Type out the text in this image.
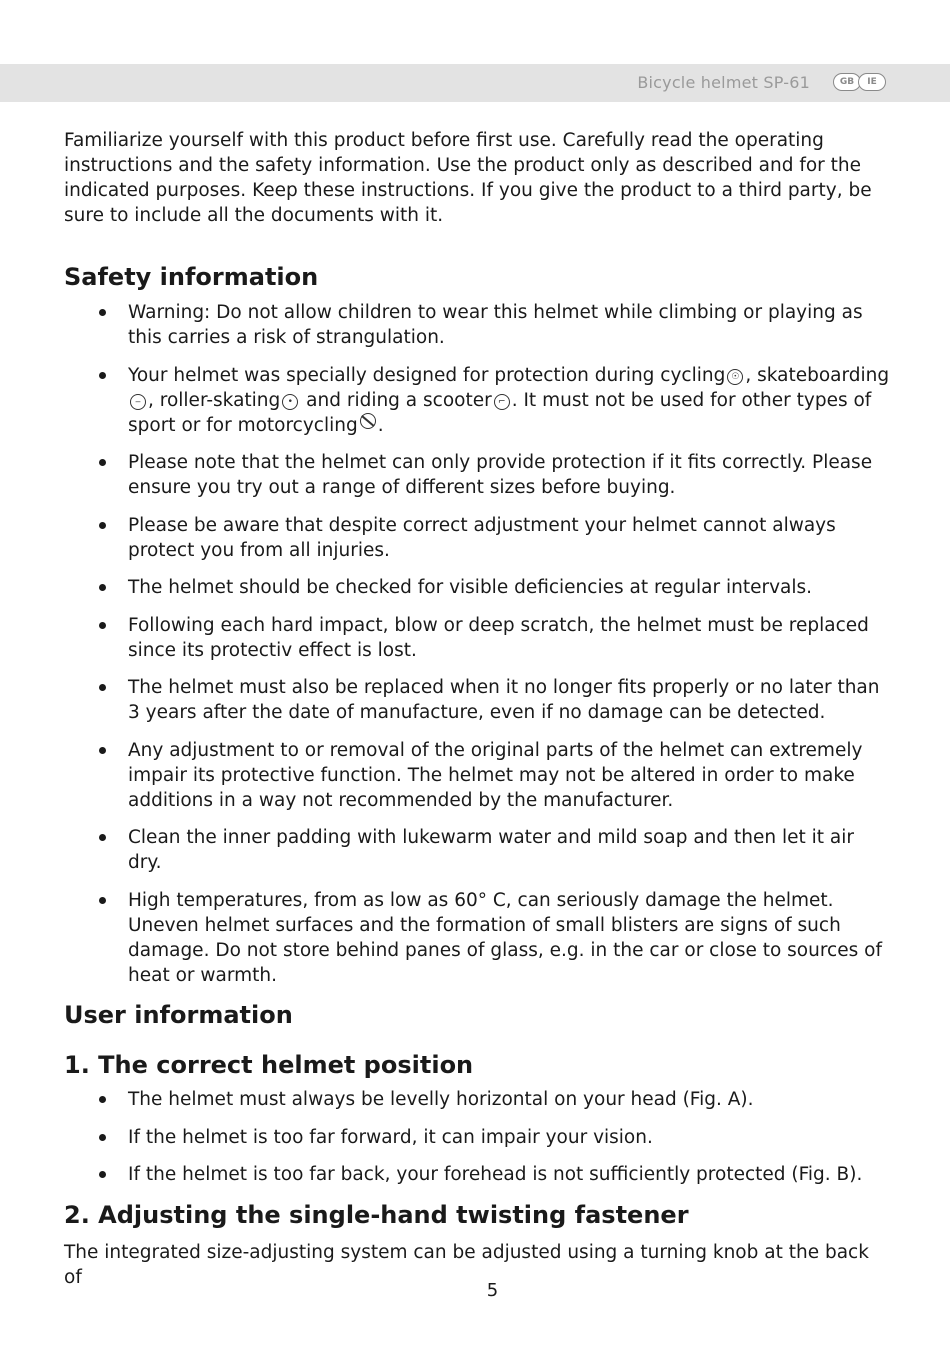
Bicycle helmet SP-61	GB	IE

Familiarize yourself with this product before first use. Carefully read the operating instructions and the safety information. Use the product only as described and for the indicated purposes. Keep these instructions. If you give the product to a third party, be sure to include all the documents with it.

Safety information
Warning: Do not allow children to wear this helmet while climbing or playing as this carries a risk of strangulation.
Your helmet was specially designed for protection during cycling ☉ , skateboarding‒ , roller-skating • and riding a scooter ⌐ . It must not be used for other types of sport or for motorcycling .
Please note that the helmet can only provide protection if it fits correctly. Please ensure you try out a range of different sizes before buying.
Please be aware that despite correct adjustment your helmet cannot always protect you from all injuries.
The helmet should be checked for visible deficiencies at regular intervals.
Following each hard impact, blow or deep scratch, the helmet must be replaced since its protectiv effect is lost.
The helmet must also be replaced when it no longer fits properly or no later than 3 years after the date of manufacture, even if no damage can be detected.
Any adjustment to or removal of the original parts of the helmet can extremely impair its protective function. The helmet may not be altered in order to make additions in a way not recommended by the manufacturer.
Clean the inner padding with lukewarm water and mild soap and then let it air dry.
High temperatures, from as low as 60° C, can seriously damage the helmet. Uneven helmet surfaces and the formation of small blisters are signs of such damage. Do not store behind panes of glass, e.g. in the car or close to sources of heat or warmth.
User information
1. The correct helmet position
The helmet must always be levelly horizontal on your head (Fig. A).
If the helmet is too far forward, it can impair your vision.
If the helmet is too far back, your forehead is not sufficiently protected (Fig. B).
2. Adjusting the single-hand twisting fastener

The integrated size-adjusting system can be adjusted using a turning knob at the back of

5
